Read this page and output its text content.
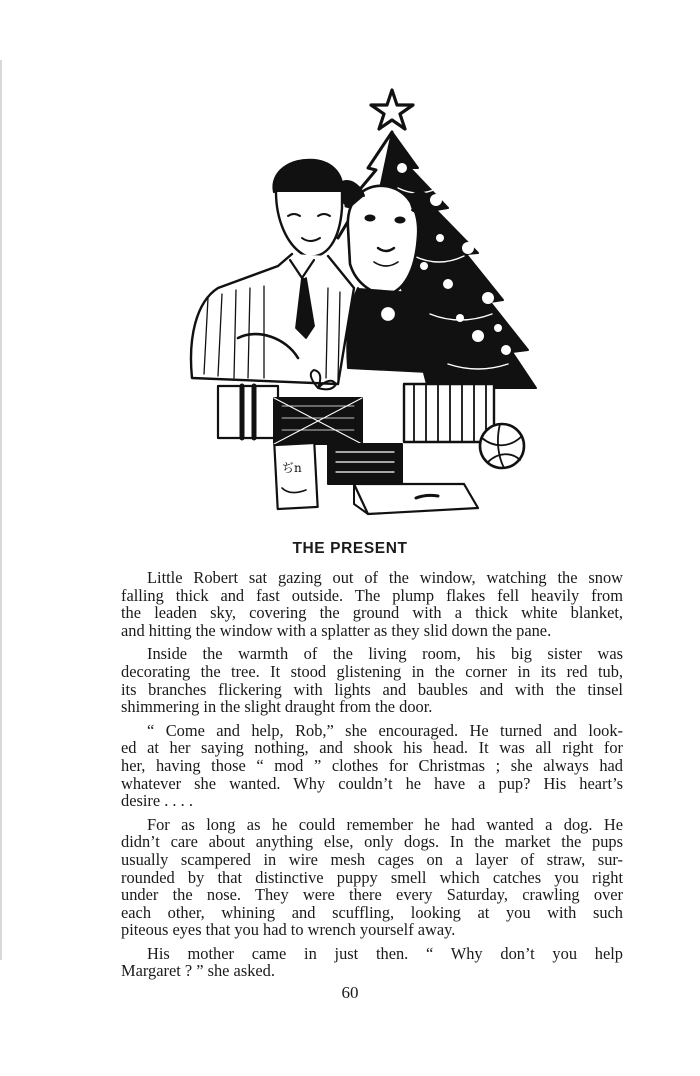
ぢn
THE PRESENT
Little Robert sat gazing out of the window, watching the snow
falling thick and fast outside. The plump flakes fell heavily from
the leaden sky, covering the ground with a thick white blanket,
and hitting the window with a splatter as they slid down the pane.
Inside the warmth of the living room, his big sister was
decorating the tree. It stood glistening in the corner in its red tub,
its branches flickering with lights and baubles and with the tinsel
shimmering in the slight draught from the door.
“ Come and help, Rob,” she encouraged. He turned and look-
ed at her saying nothing, and shook his head. It was all right for
her, having those “ mod ” clothes for Christmas ; she always had
whatever she wanted. Why couldn’t he have a pup? His heart’s
desire . . . .
For as long as he could remember he had wanted a dog. He
didn’t care about anything else, only dogs. In the market the pups
usually scampered in wire mesh cages on a layer of straw, sur-
rounded by that distinctive puppy smell which catches you right
under the nose. They were there every Saturday, crawling over
each other, whining and scuffling, looking at you with such
piteous eyes that you had to wrench yourself away.
His mother came in just then. “ Why don’t you help
Margaret ? ” she asked.
60
